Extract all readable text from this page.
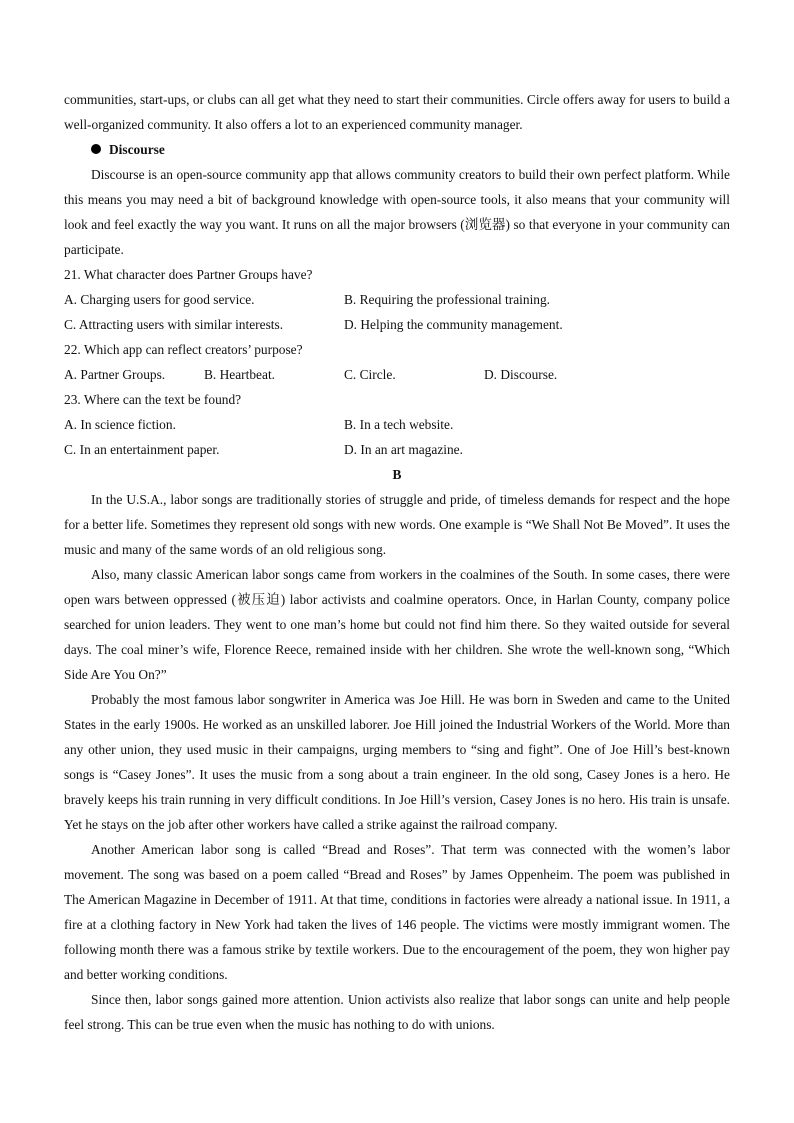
communities, start-ups, or clubs can all get what they need to start their communities. Circle offers away for users to build a well-organized community. It also offers a lot to an experienced community manager.

Discourse

Discourse is an open-source community app that allows community creators to build their own perfect platform. While this means you may need a bit of background knowledge with open-source tools, it also means that your community will look and feel exactly the way you want. It runs on all the major browsers (浏览器) so that everyone in your community can participate.

21. What character does Partner Groups have?

A. Charging users for good service.	B. Requiring the professional training.
C. Attracting users with similar interests.	D. Helping the community management.

22. Which app can reflect creators’ purpose?

A. Partner Groups.	B. Heartbeat.	C. Circle.	D. Discourse.

23. Where can the text be found?

A. In science fiction.	B. In a tech website.
C. In an entertainment paper.	D. In an art magazine.

B

In the U.S.A., labor songs are traditionally stories of struggle and pride, of timeless demands for respect and the hope for a better life. Sometimes they represent old songs with new words. One example is “We Shall Not Be Moved”. It uses the music and many of the same words of an old religious song.

Also, many classic American labor songs came from workers in the coalmines of the South. In some cases, there were open wars between oppressed (被压迫) labor activists and coalmine operators. Once, in Harlan County, company police searched for union leaders. They went to one man’s home but could not find him there. So they waited outside for several days. The coal miner’s wife, Florence Reece, remained inside with her children. She wrote the well-known song, “Which Side Are You On?”

Probably the most famous labor songwriter in America was Joe Hill. He was born in Sweden and came to the United States in the early 1900s. He worked as an unskilled laborer. Joe Hill joined the Industrial Workers of the World. More than any other union, they used music in their campaigns, urging members to “sing and fight”. One of Joe Hill’s best-known songs is “Casey Jones”. It uses the music from a song about a train engineer. In the old song, Casey Jones is a hero. He bravely keeps his train running in very difficult conditions. In Joe Hill’s version, Casey Jones is no hero. His train is unsafe. Yet he stays on the job after other workers have called a strike against the railroad company.

Another American labor song is called “Bread and Roses”. That term was connected with the women’s labor movement. The song was based on a poem called “Bread and Roses” by James Oppenheim. The poem was published in The American Magazine in December of 1911. At that time, conditions in factories were already a national issue. In 1911, a fire at a clothing factory in New York had taken the lives of 146 people. The victims were mostly immigrant women. The following month there was a famous strike by textile workers. Due to the encouragement of the poem, they won higher pay and better working conditions.

Since then, labor songs gained more attention. Union activists also realize that labor songs can unite and help people feel strong. This can be true even when the music has nothing to do with unions.
